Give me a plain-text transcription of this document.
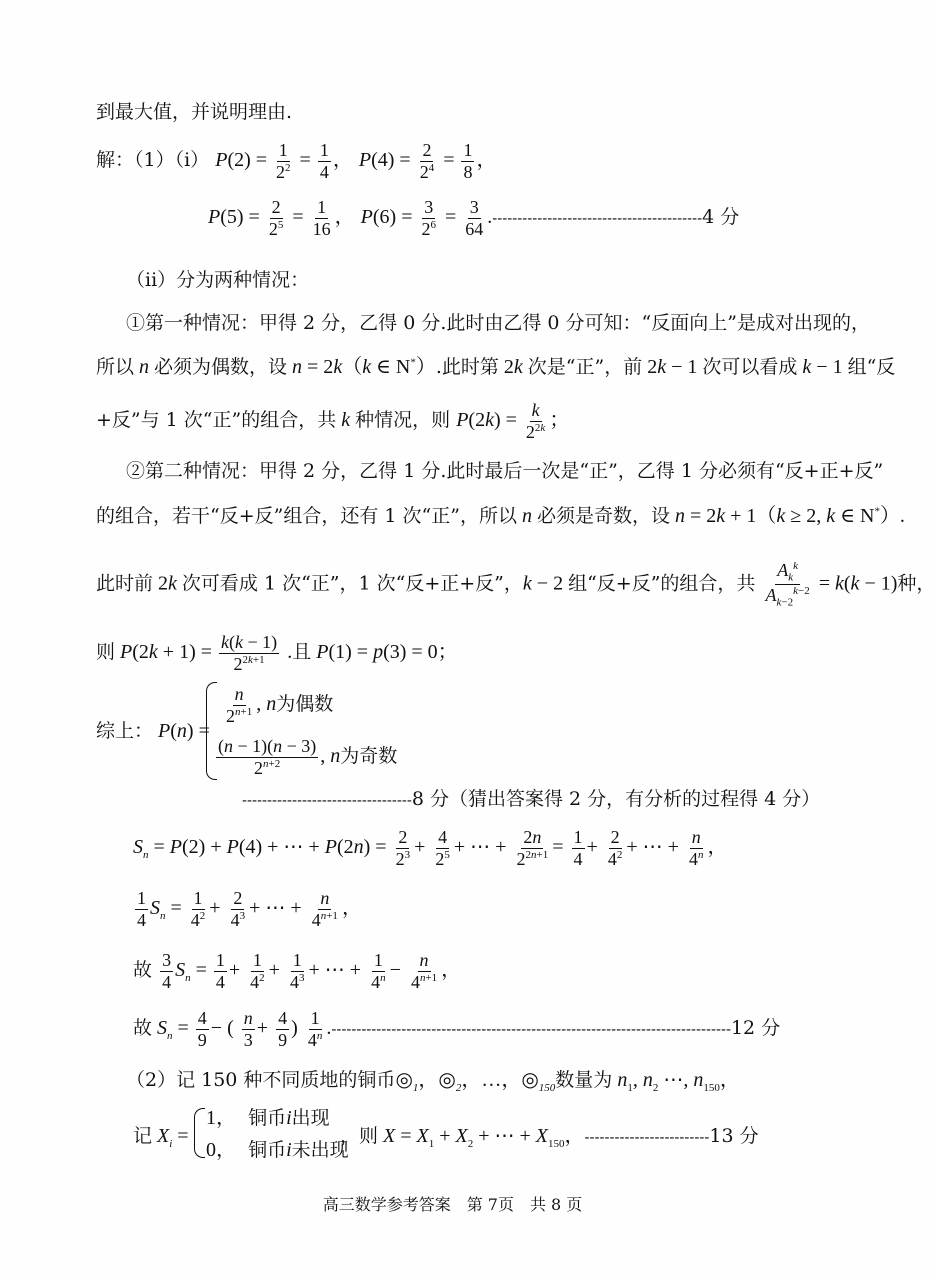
到最大值，并说明理由.
解：（1）（i） $P(2) = \frac{1}{2^2} = \frac{1}{4}$ ， $P(4) = \frac{2}{2^4} = \frac{1}{8}$ ，
$P(5) = \frac{2}{2^5} = \frac{1}{16}$ ， $P(6) = \frac{3}{2^6} = \frac{3}{64} .------------------------------------------4$ 分
（ii）分为两种情况：
①第一种情况：甲得 2 分，乙得 0 分.此时由乙得 0 分可知：“反面向上”是成对出现的，
所以 n 必须为偶数，设 n = 2k（k ∈ N*）.此时第 2k 次是“正”，前 2k − 1 次可以看成 k − 1 组“反
+反”与 1 次“正”的组合，共 k 种情况，则 $P(2k) = \frac{k}{2^{2k}}$ ；
②第二种情况：甲得 2 分，乙得 1 分.此时最后一次是“正”，乙得 1 分必须有“反+正+反”
的组合，若干“反+反”组合，还有 1 次“正”，所以 n 必须是奇数，设 n = 2k + 1（k ≥ 2, k ∈ N*）.
此时前 2k 次可看成 1 次“正”，1 次“反+正+反”，k − 2 组“反+反”的组合，共
$A_k^k$
$A_{k-2}^{k-2} = k(k - 1)$种，
则 $P(2k + 1) = \frac{k(k - 1)}{2^{2k+1}}$ .且 P(1) = p(3) = 0；
综上： P(n) =
$\frac{n}{2^{n+1}}$ , n为偶数
$\frac{(n - 1)(n - 3)}{2^{n+2}}$ , n为奇数
----------------------------------8 分（猜出答案得 2 分，有分析的过程得 4 分）
$S_n = P(2) + P(4)$ + ⋯ + $P(2n) = \frac{2}{2^3} + \frac{4}{2^5}$ + ⋯ + $\frac{2n}{2^{2n+1}} = \frac{1}{4} + \frac{2}{4^2}$ + ⋯ + $\frac{n}{4^n}$ ，
$\frac{1}{4} S_n = \frac{1}{4^2} + \frac{2}{4^3}$ + ⋯ + $\frac{n}{4^{n+1}}$ ，
故 $\frac{3}{4} S_n = \frac{1}{4} + \frac{1}{4^2} + \frac{1}{4^3}$ + ⋯ + $\frac{1}{4^n} - \frac{n}{4^{n+1}}$ ，
故 $S_n = \frac{4}{9}$ − ( $\frac{n}{3} + \frac{4}{9}$ ) $\frac{1}{4^n} .--------------------------------------------------------------------------------12$ 分
（2）记 150 种不同质地的铜币$◎_1$，$◎_2$，…，$◎_{150}$数量为 $n_1$, $n_2$ ⋯, $n_{150}$，
记 $X_i$ =
1， 铜币i出现
0， 铜币i未出现
，则 $X = X_1 + X_2$ + ⋯ + $X_{150}$，-------------------------13 分
高三数学参考答案　第 7页　共 8 页
